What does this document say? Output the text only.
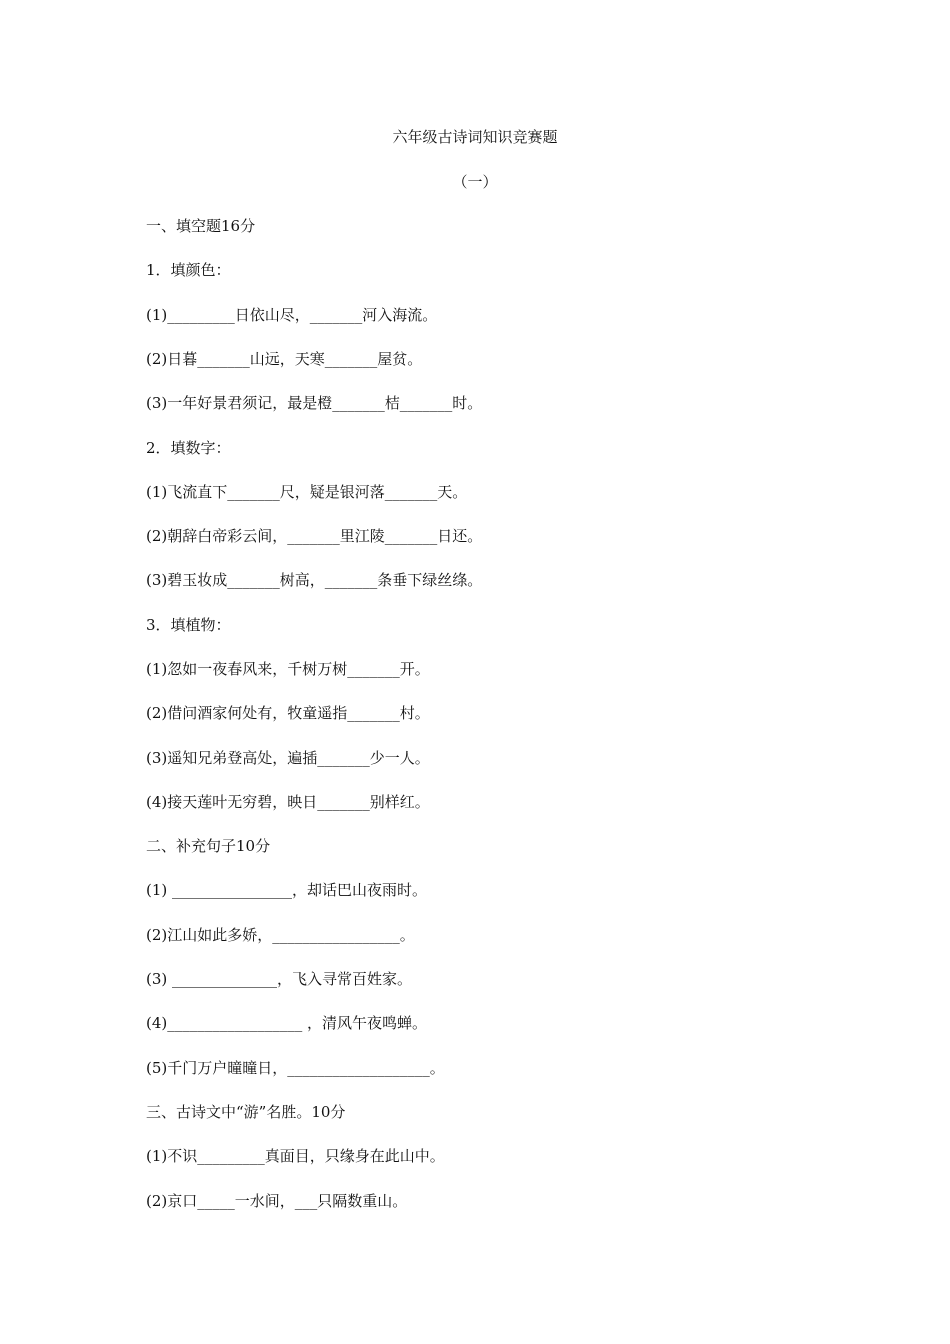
六年级古诗词知识竞赛题
（一）
一、填空题16分
1．填颜色：
(1)_________日依山尽，_______河入海流。
(2)日暮_______山远，天寒_______屋贫。
(3)一年好景君须记，最是橙_______桔_______时。
2．填数字：
(1)飞流直下_______尺，疑是银河落_______天。
(2)朝辞白帝彩云间，_______里江陵_______日还。
(3)碧玉妆成_______树高，_______条垂下绿丝绦。
3．填植物：
(1)忽如一夜春风来，千树万树_______开。
(2)借问酒家何处有，牧童遥指_______村。
(3)遥知兄弟登高处，遍插_______少一人。
(4)接天莲叶无穷碧，映日_______别样红。
二、补充句子10分
(1) ________________，却话巴山夜雨时。
(2)江山如此多娇，_________________。
(3) ______________，飞入寻常百姓家。
(4)__________________ ，清风午夜鸣蝉。
(5)千门万户曈曈日，___________________。
三、古诗文中“游”名胜。10分
(1)不识_________真面目，只缘身在此山中。
(2)京口_____一水间，___只隔数重山。
